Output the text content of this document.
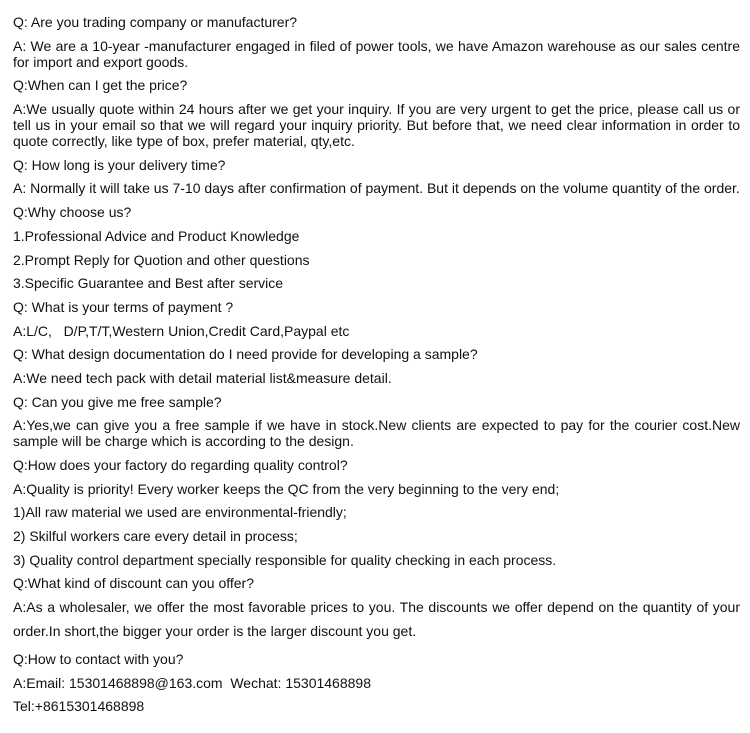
Q: Are you trading company or manufacturer?
A: We are a 10-year -manufacturer engaged in filed of power tools, we have Amazon warehouse as our sales centre for import and export goods.
Q:When can I get the price?
A:We usually quote within 24 hours after we get your inquiry. If you are very urgent to get the price, please call us or tell us in your email so that we will regard your inquiry priority. But before that, we need clear information in order to quote correctly, like type of box, prefer material, qty,etc.
Q: How long is your delivery time?
A: Normally it will take us 7-10 days after confirmation of payment. But it depends on the volume quantity of the order.
Q:Why choose us?
1.Professional Advice and Product Knowledge
2.Prompt Reply for Quotion and other questions
3.Specific Guarantee and Best after service
Q: What is your terms of payment ?
A:L/C,   D/P,T/T,Western Union,Credit Card,Paypal etc
Q: What design documentation do I need provide for developing a sample?
A:We need tech pack with detail material list&measure detail.
Q: Can you give me free sample?
A:Yes,we can give you a free sample if we have in stock.New clients are expected to pay for the courier cost.New sample will be charge which is according to the design.
Q:How does your factory do regarding quality control?
A:Quality is priority! Every worker keeps the QC from the very beginning to the very end;
1)All raw material we used are environmental-friendly;
2) Skilful workers care every detail in process;
3) Quality control department specially responsible for quality checking in each process.
Q:What kind of discount can you offer?
A:As a wholesaler, we offer the most favorable prices to you. The discounts we offer depend on the quantity of your order.In short,the bigger your order is the larger discount you get.
Q:How to contact with you?
A:Email: 15301468898@163.com  Wechat: 15301468898
Tel:+8615301468898
